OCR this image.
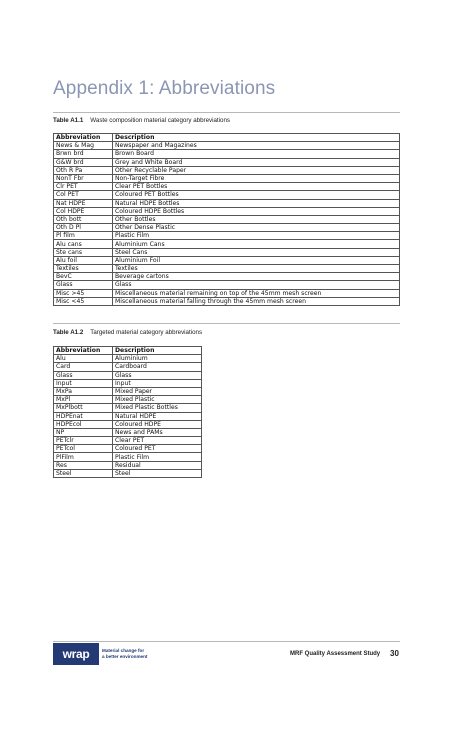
Appendix 1: Abbreviations
Table A1.1 Waste composition material category abbreviations
Abbreviation	Description
News & Mag	Newspaper and Magazines
Brwn brd	Brown Board
G&W brd	Grey and White Board
Oth R Pa	Other Recyclable Paper
NonT Fbr	Non-Target Fibre
Clr PET	Clear PET Bottles
Col PET	Coloured PET Bottles
Nat HDPE	Natural HDPE Bottles
Col HDPE	Coloured HDPE Bottles
Oth bott	Other Bottles
Oth D Pl	Other Dense Plastic
Pl film	Plastic Film
Alu cans	Aluminium Cans
Ste cans	Steel Cans
Alu foil	Aluminium Foil
Textiles	Textiles
BevC	Beverage cartons
Glass	Glass
Misc >45	Miscellaneous material remaining on top of the 45mm mesh screen
Misc <45	Miscellaneous material falling through the 45mm mesh screen
Table A1.2 Targeted material category abbreviations
Abbreviation	Description
Alu	Aluminium
Card	Cardboard
Glass	Glass
Input	Input
MxPa	Mixed Paper
MxPl	Mixed Plastic
MxPlbott	Mixed Plastic Bottles
HDPEnat	Natural HDPE
HDPEcol	Coloured HDPE
NP	News and PAMs
PETclr	Clear PET
PETcol	Coloured PET
PlFilm	Plastic Film
Res	Residual
Steel	Steel
wrap	Material change for
a better environment	MRF Quality Assessment Study 30
